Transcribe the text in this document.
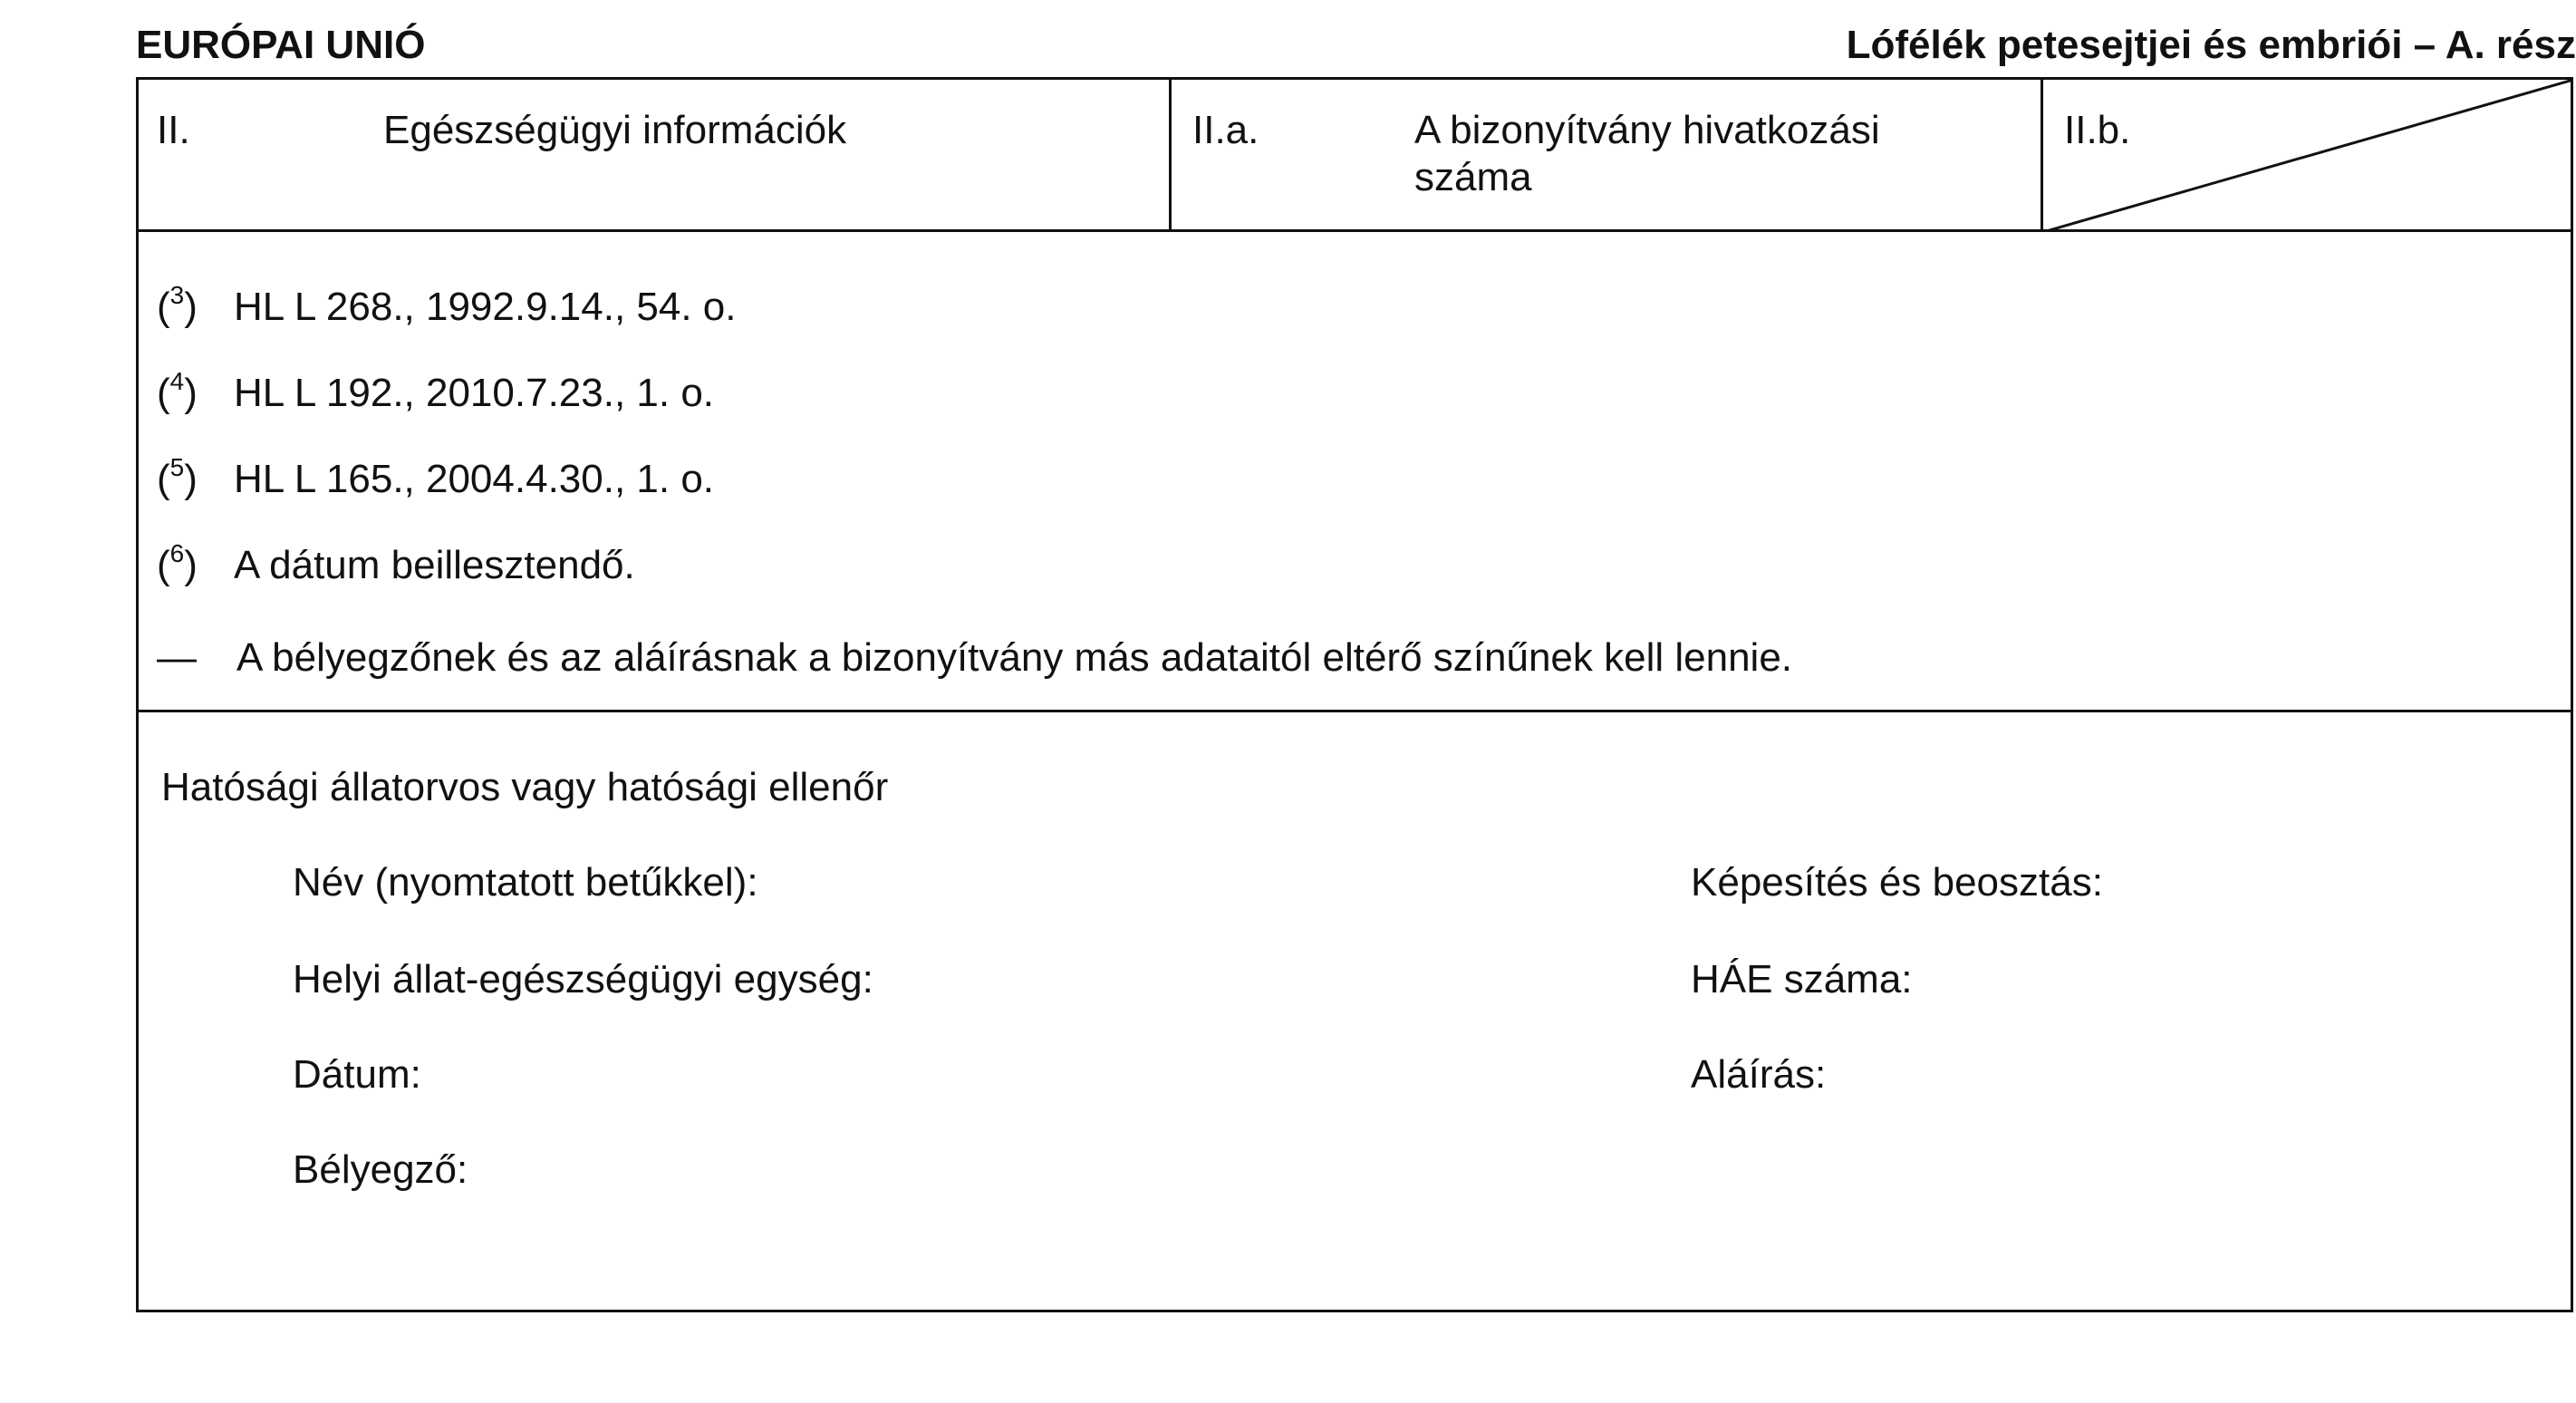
EURÓPAI UNIÓ	Lófélék petesejtjei és embriói – A. rész
II.	Egészségügyi információk	II.a.	A bizonyítvány hivatkozási
száma
II.b.
($^3$) HL L 268., 1992.9.14., 54. o.
($^4$) HL L 192., 2010.7.23., 1. o.
($^5$) HL L 165., 2004.4.30., 1. o.
($^6$) A dátum beillesztendő.
— A bélyegzőnek és az aláírásnak a bizonyítvány más adataitól eltérő színűnek kell lennie.
Hatósági állatorvos vagy hatósági ellenőr
Név (nyomtatott betűkkel):	Képesítés és beosztás:
Helyi állat-egészségügyi egység:	HÁE száma:
Dátum:	Aláírás:
Bélyegző:
